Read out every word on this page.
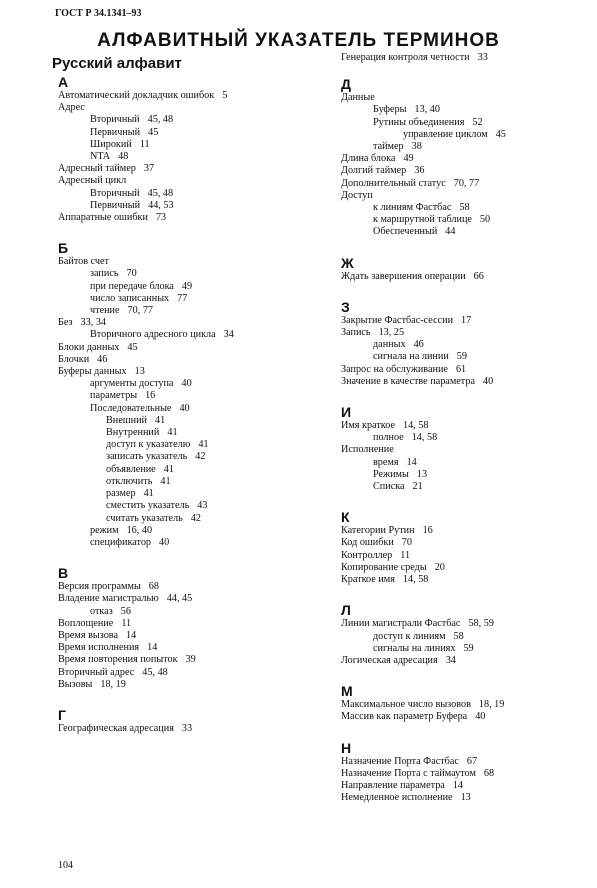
ГОСТ Р 34.1341–93
АЛФАВИТНЫЙ УКАЗАТЕЛЬ ТЕРМИНОВ
Русский алфавит
А
Автоматический докладчик ошибок 5
Адрес
Вторичный 45, 48
Первичный 45
Широкий 11
NTA 48
Адресный таймер 37
Адресный цикл
Вторичный 45, 48
Первичный 44, 53
Аппаратные ошибки 73
Б
Байтов счет
запись 70
при передаче блока 49
число записанных 77
чтение 70, 77
Без 33, 34
Вторичного адресного цикла 34
Блоки данных 45
Блочки 46
Буферы данных 13
аргументы доступа 40
параметры 16
Последовательные 40
Внешний 41
Внутренний 41
доступ к указателю 41
записать указатель 42
объявление 41
отключить 41
размер 41
сместить указатель 43
считать указатель 42
режим 16, 40
спецификатор 40
В
Версия программы 68
Владение магистралью 44, 45
отказ 56
Воплощение 11
Время вызова 14
Время исполнения 14
Время повторения попыток 39
Вторичный адрес 45, 48
Вызовы 18, 19
Г
Географическая адресация 33
Генерация контроля четности 33
Д
Данные
Буферы 13, 40
Рутины объединения 52
управление циклом 45
таймер 38
Длина блока 49
Долгий таймер 36
Дополнительный статус 70, 77
Доступ
к линиям Фастбас 58
к маршрутной таблице 50
Обеспеченный 44
Ж
Ждать завершения операции 66
З
Закрытие Фастбас-сессии 17
Запись 13, 25
данных 46
сигнала на линии 59
Запрос на обслуживание 61
Значение в качестве параметра 40
И
Имя краткое 14, 58
полное 14, 58
Исполнение
время 14
Режимы 13
Списка 21
К
Категории Рутин 16
Код ошибки 70
Контроллер 11
Копирование среды 20
Краткое имя 14, 58
Л
Линии магистрали Фастбас 58, 59
доступ к линиям 58
сигналы на линиях 59
Логическая адресация 34
М
Максимальное число вызовов 18, 19
Массив как параметр Буфера 40
Н
Назначение Порта Фастбас 67
Назначение Порта с таймаутом 68
Направление параметра 14
Немедленное исполнение 13
104
